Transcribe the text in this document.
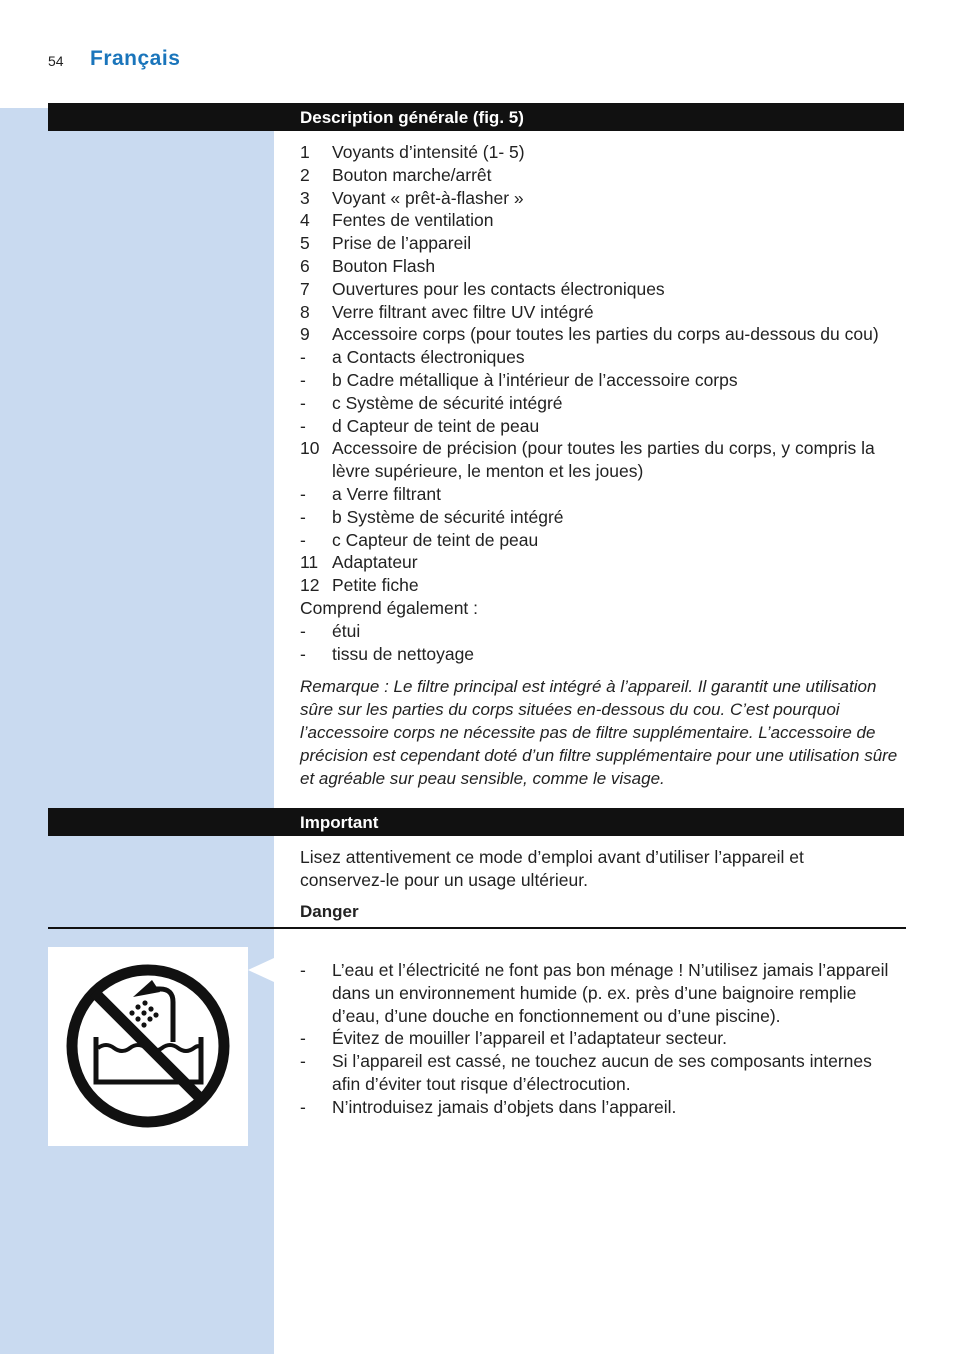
54 Français
Description générale (fig. 5)
1 Voyants d’intensité (1- 5)
2 Bouton marche/arrêt
3 Voyant « prêt-à-flasher »
4 Fentes de ventilation
5 Prise de l’appareil
6 Bouton Flash
7 Ouvertures pour les contacts électroniques
8 Verre filtrant avec filtre UV intégré
9 Accessoire corps (pour toutes les parties du corps au-dessous du cou)
- a Contacts électroniques
- b Cadre métallique à l’intérieur de l’accessoire corps
- c Système de sécurité intégré
- d Capteur de teint de peau
10 Accessoire de précision (pour toutes les parties du corps, y compris la lèvre supérieure, le menton et les joues)
- a Verre filtrant
- b Système de sécurité intégré
- c Capteur de teint de peau
11 Adaptateur
12 Petite fiche
Comprend également :
- étui
- tissu de nettoyage
Remarque : Le filtre principal est intégré à l’appareil. Il garantit une utilisation sûre sur les parties du corps situées en-dessous du cou. C’est pourquoi l’accessoire corps ne nécessite pas de filtre supplémentaire. L’accessoire de précision est cependant doté d’un filtre supplémentaire pour une utilisation sûre et agréable sur peau sensible, comme le visage.
Important
Lisez attentivement ce mode d’emploi avant d’utiliser l’appareil et conservez-le pour un usage ultérieur.
Danger
- L’eau et l’électricité ne font pas bon ménage ! N’utilisez jamais l’appareil dans un environnement humide (p. ex. près d’une baignoire remplie d’eau, d’une douche en fonctionnement ou d’une piscine).
- Évitez de mouiller l’appareil et l’adaptateur secteur.
- Si l’appareil est cassé, ne touchez aucun de ses composants internes afin d’éviter tout risque d’électrocution.
- N’introduisez jamais d’objets dans l’appareil.
